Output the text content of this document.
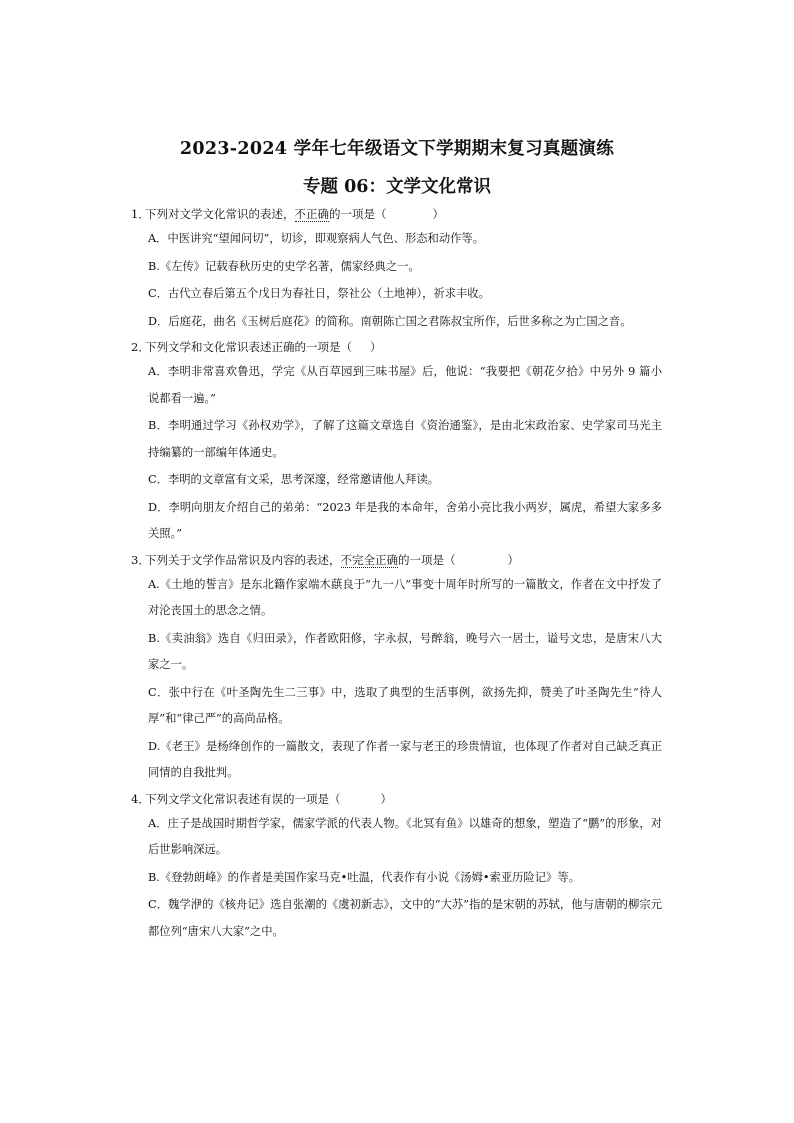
2023-2024 学年七年级语文下学期期末复习真题演练
专题 06：文学文化常识
1．
下列对文学文化常识的表述，不正确的一项是（	）
A．中医讲究“望闻问切”，切诊，即观察病人气色、形态和动作等。
B.《左传》记载春秋历史的史学名著，儒家经典之一。
C．古代立春后第五个戊日为春社日，祭社公（土地神），祈求丰收。
D．后庭花，曲名《玉树后庭花》的简称。南朝陈亡国之君陈叔宝所作，后世多称之为亡国之音。
2．
下列文学和文化常识表述正确的一项是（ ）
A．李明非常喜欢鲁迅，学完《从百草园到三味书屋》后，他说：“我要把《朝花夕拾》中另外 9 篇小说都看一遍。”
B．李明通过学习《孙权劝学》，了解了这篇文章选自《资治通鉴》，是由北宋政治家、史学家司马光主持编纂的一部编年体通史。
C．李明的文章富有文采，思考深邃，经常邀请他人拜读。
D．李明向朋友介绍自己的弟弟：“2023 年是我的本命年，舍弟小亮比我小两岁，属虎，希望大家多多关照。”
3．
下列关于文学作品常识及内容的表述，不完全正确的一项是（	）
A.《土地的誓言》是东北籍作家端木蕻良于“九一八”事变十周年时所写的一篇散文，作者在文中抒发了对沦丧国土的思念之情。
B.《卖油翁》选自《归田录》，作者欧阳修，字永叔，号醉翁，晚号六一居士，谥号文忠，是唐宋八大家之一。
C．张中行在《叶圣陶先生二三事》中，选取了典型的生活事例，欲扬先抑，赞美了叶圣陶先生“待人厚”和“律己严”的高尚品格。
D.《老王》是杨绛创作的一篇散文，表现了作者一家与老王的珍贵情谊，也体现了作者对自己缺乏真正同情的自我批判。
4．
下列文学文化常识表述有误的一项是（	）
A．庄子是战国时期哲学家，儒家学派的代表人物。《北冥有鱼》以雄奇的想象，塑造了“鹏”的形象，对后世影响深远。
B.《登勃朗峰》的作者是美国作家马克•吐温，代表作有小说《汤姆•索亚历险记》等。
C．魏学洢的《核舟记》选自张潮的《虞初新志》，文中的“大苏”指的是宋朝的苏轼，他与唐朝的柳宗元都位列“唐宋八大家”之中。
